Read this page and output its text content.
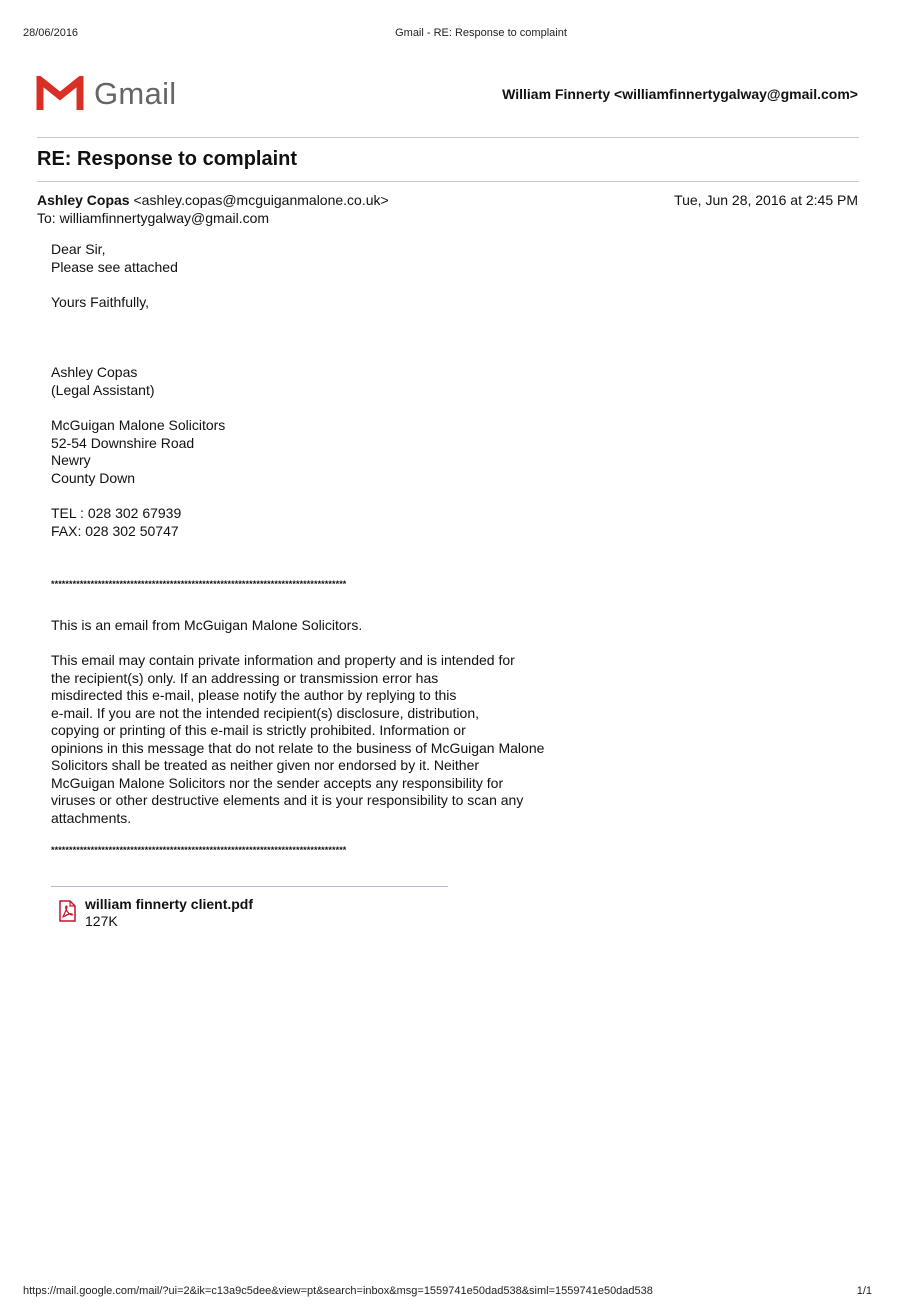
28/06/2016	Gmail - RE: Response to complaint
Gmail	William Finnerty <williamfinnertygalway@gmail.com>
RE: Response to complaint
Ashley Copas <ashley.copas@mcguiganmalone.co.uk>	Tue, Jun 28, 2016 at 2:45 PM
To: williamfinnertygalway@gmail.com
Dear Sir,
Please see attached
Yours Faithfully,
Ashley Copas
(Legal Assistant)
McGuigan Malone Solicitors
52-54 Downshire Road
Newry
County Down
TEL : 028 302 67939
FAX: 028 302 50747
**********************************************************************************
This is an email from McGuigan Malone Solicitors.
This email may contain private information and property and is intended for
the recipient(s) only. If an addressing or transmission error has
misdirected this e-mail, please notify the author by replying to this
e-mail. If you are not the intended recipient(s) disclosure, distribution,
copying or printing of this e-mail is strictly prohibited. Information or
opinions in this message that do not relate to the business of McGuigan Malone
Solicitors shall be treated as neither given nor endorsed by it. Neither
McGuigan Malone Solicitors nor the sender accepts any responsibility for
viruses or other destructive elements and it is your responsibility to scan any
attachments.
**********************************************************************************
william finnerty client.pdf
127K
https://mail.google.com/mail/?ui=2&ik=c13a9c5dee&view=pt&search=inbox&msg=1559741e50dad538&siml=1559741e50dad538	1/1
